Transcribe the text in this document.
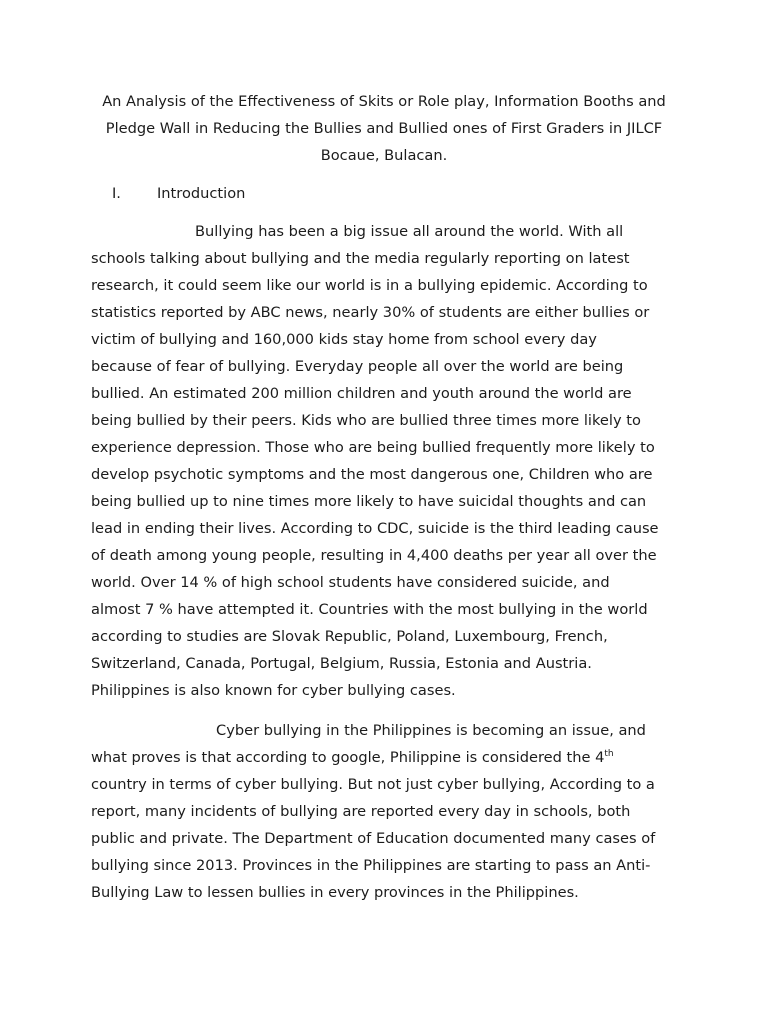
An Analysis of the Effectiveness of Skits or Role play, Information Booths and
Pledge Wall in Reducing the Bullies and Bullied ones of First Graders in JILCF
Bocaue, Bulacan.
I. Introduction
Bullying has been a big issue all around the world. With all
schools talking about bullying and the media regularly reporting on latest
research, it could seem like our world is in a bullying epidemic. According to
statistics reported by ABC news, nearly 30% of students are either bullies or
victim of bullying and 160,000 kids stay home from school every day
because of fear of bullying. Everyday people all over the world are being
bullied. An estimated 200 million children and youth around the world are
being bullied by their peers. Kids who are bullied three times more likely to
experience depression. Those who are being bullied frequently more likely to
develop psychotic symptoms and the most dangerous one, Children who are
being bullied up to nine times more likely to have suicidal thoughts and can
lead in ending their lives. According to CDC, suicide is the third leading cause
of death among young people, resulting in 4,400 deaths per year all over the
world. Over 14 % of high school students have considered suicide, and
almost 7 % have attempted it. Countries with the most bullying in the world
according to studies are Slovak Republic, Poland, Luxembourg, French,
Switzerland, Canada, Portugal, Belgium, Russia, Estonia and Austria.
Philippines is also known for cyber bullying cases.
Cyber bullying in the Philippines is becoming an issue, and
what proves is that according to google, Philippine is considered the 4th
country in terms of cyber bullying. But not just cyber bullying, According to a
report, many incidents of bullying are reported every day in schools, both
public and private. The Department of Education documented many cases of
bullying since 2013. Provinces in the Philippines are starting to pass an Anti-
Bullying Law to lessen bullies in every provinces in the Philippines.
